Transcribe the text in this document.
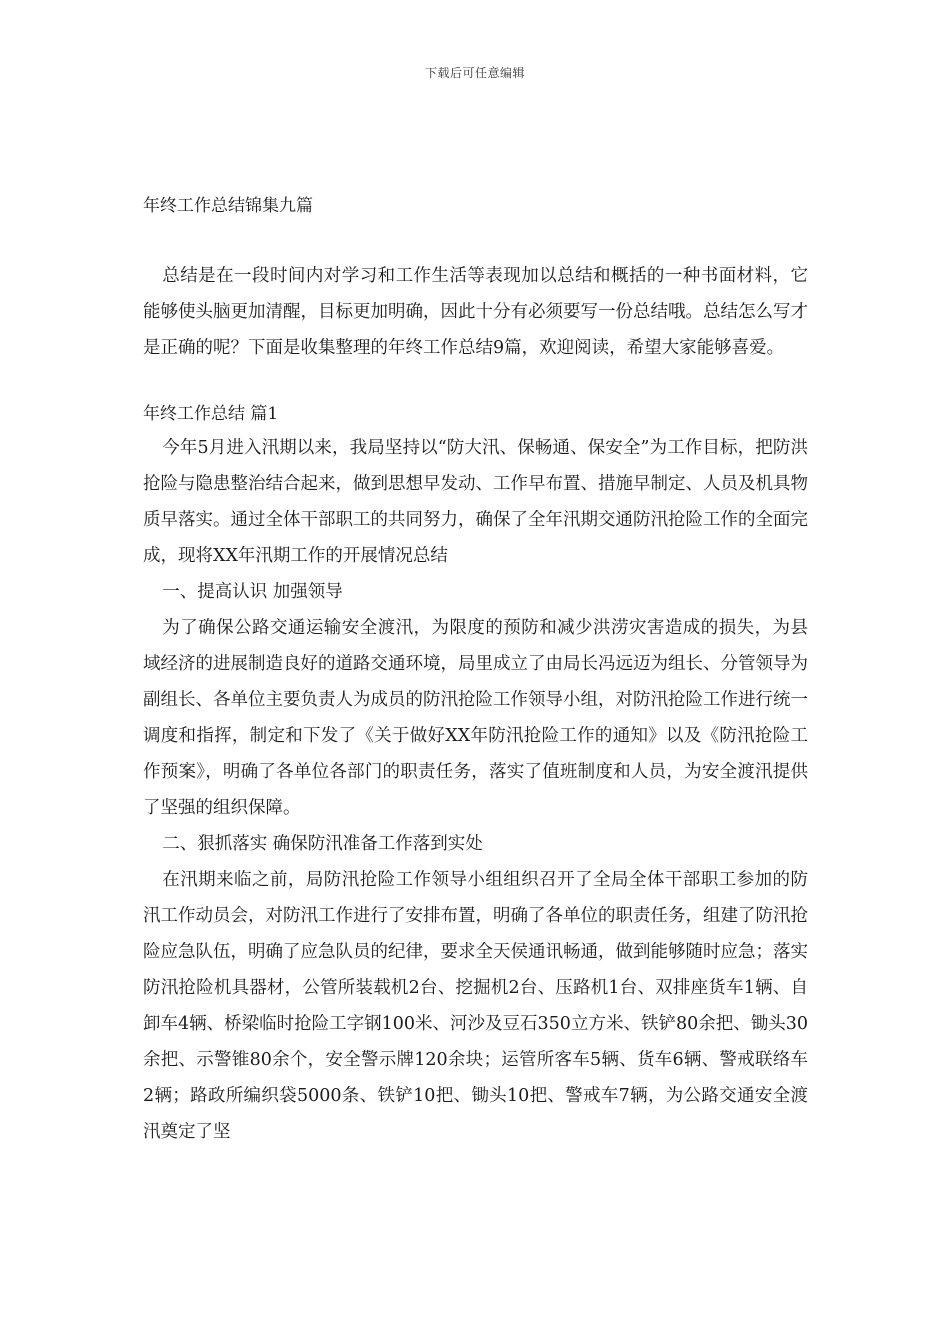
下载后可任意编辑
年终工作总结锦集九篇

总结是在一段时间内对学习和工作生活等表现加以总结和概括的一种书面材料，它能够使头脑更加清醒，目标更加明确，因此十分有必须要写一份总结哦。总结怎么写才是正确的呢？下面是收集整理的年终工作总结9篇，欢迎阅读，希望大家能够喜爱。

年终工作总结 篇1

今年5月进入汛期以来，我局坚持以“防大汛、保畅通、保安全”为工作目标，把防洪抢险与隐患整治结合起来，做到思想早发动、工作早布置、措施早制定、人员及机具物质早落实。通过全体干部职工的共同努力，确保了全年汛期交通防汛抢险工作的全面完成，现将XX年汛期工作的开展情况总结

一、提高认识 加强领导

为了确保公路交通运输安全渡汛，为限度的预防和减少洪涝灾害造成的损失，为县域经济的进展制造良好的道路交通环境，局里成立了由局长冯远迈为组长、分管领导为副组长、各单位主要负责人为成员的防汛抢险工作领导小组，对防汛抢险工作进行统一调度和指挥，制定和下发了《关于做好XX年防汛抢险工作的通知》以及《防汛抢险工作预案》，明确了各单位各部门的职责任务，落实了值班制度和人员，为安全渡汛提供了坚强的组织保障。

二、狠抓落实 确保防汛准备工作落到实处

在汛期来临之前，局防汛抢险工作领导小组组织召开了全局全体干部职工参加的防汛工作动员会，对防汛工作进行了安排布置，明确了各单位的职责任务，组建了防汛抢险应急队伍，明确了应急队员的纪律，要求全天侯通讯畅通，做到能够随时应急；落实防汛抢险机具器材，公管所装载机2台、挖掘机2台、压路机1台、双排座货车1辆、自卸车4辆、桥梁临时抢险工字钢100米、河沙及豆石350立方米、铁铲80余把、锄头30余把、示警锥80余个，安全警示牌120余块；运管所客车5辆、货车6辆、警戒联络车2辆；路政所编织袋5000条、铁铲10把、锄头10把、警戒车7辆，为公路交通安全渡汛奠定了坚
